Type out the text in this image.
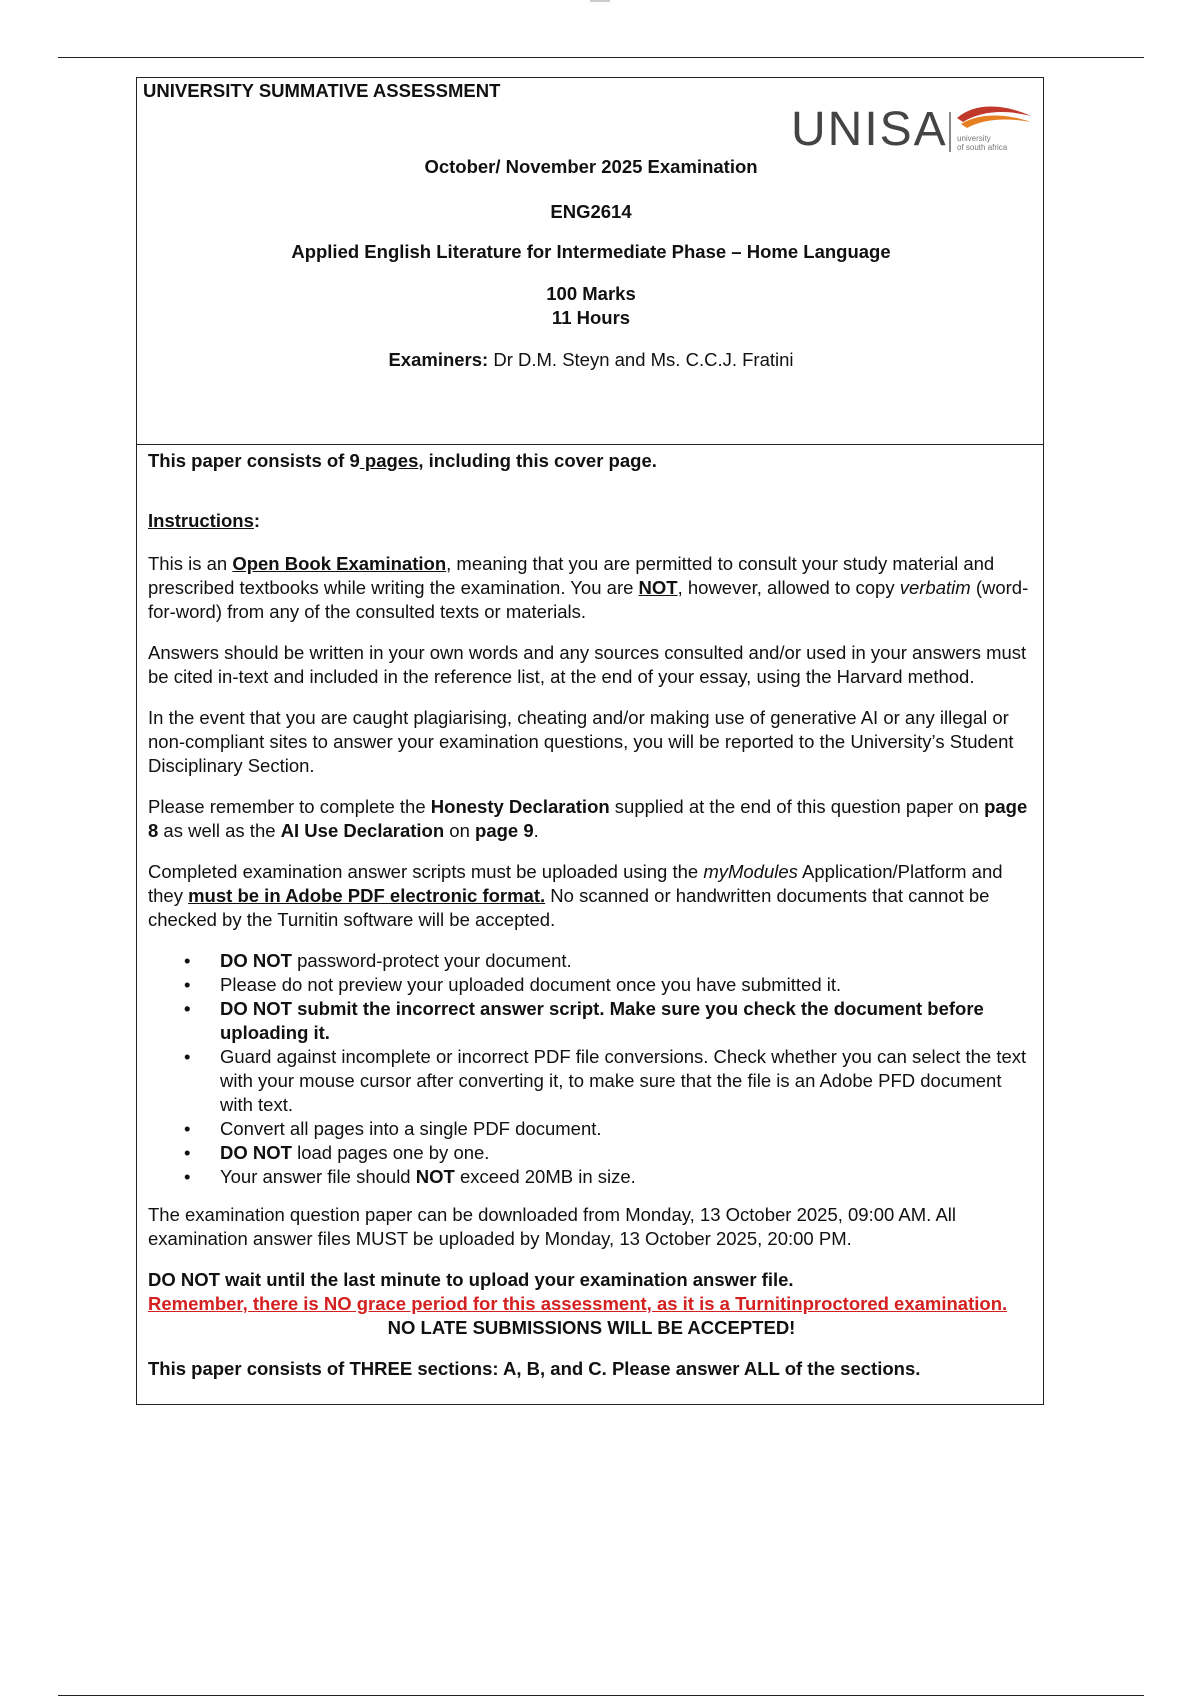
UNIVERSITY SUMMATIVE ASSESSMENT
UNISA university
of south africa
October/ November 2025 Examination
ENG2614
Applied English Literature for Intermediate Phase – Home Language
100 Marks
11 Hours
Examiners: Dr D.M. Steyn and Ms. C.C.J. Fratini

This paper consists of 9 pages, including this cover page.

Instructions:

This is an Open Book Examination, meaning that you are permitted to consult your study material and prescribed textbooks while writing the examination. You are NOT, however, allowed to copy verbatim (word-for-word) from any of the consulted texts or materials.

Answers should be written in your own words and any sources consulted and/or used in your answers must be cited in-text and included in the reference list, at the end of your essay, using the Harvard method.

In the event that you are caught plagiarising, cheating and/or making use of generative AI or any illegal or non-compliant sites to answer your examination questions, you will be reported to the University’s Student Disciplinary Section.

Please remember to complete the Honesty Declaration supplied at the end of this question paper on page 8 as well as the AI Use Declaration on page 9.

Completed examination answer scripts must be uploaded using the myModules Application/Platform and they must be in Adobe PDF electronic format. No scanned or handwritten documents that cannot be checked by the Turnitin software will be accepted.

• DO NOT password-protect your document.
• Please do not preview your uploaded document once you have submitted it.
• DO NOT submit the incorrect answer script. Make sure you check the document before uploading it.
• Guard against incomplete or incorrect PDF file conversions. Check whether you can select the text with your mouse cursor after converting it, to make sure that the file is an Adobe PFD document with text.
• Convert all pages into a single PDF document.
• DO NOT load pages one by one.
• Your answer file should NOT exceed 20MB in size.

The examination question paper can be downloaded from Monday, 13 October 2025, 09:00 AM. All examination answer files MUST be uploaded by Monday, 13 October 2025, 20:00 PM.

DO NOT wait until the last minute to upload your examination answer file.
Remember, there is NO grace period for this assessment, as it is a Turnitinproctored examination.

NO LATE SUBMISSIONS WILL BE ACCEPTED!

This paper consists of THREE sections: A, B, and C. Please answer ALL of the sections.
